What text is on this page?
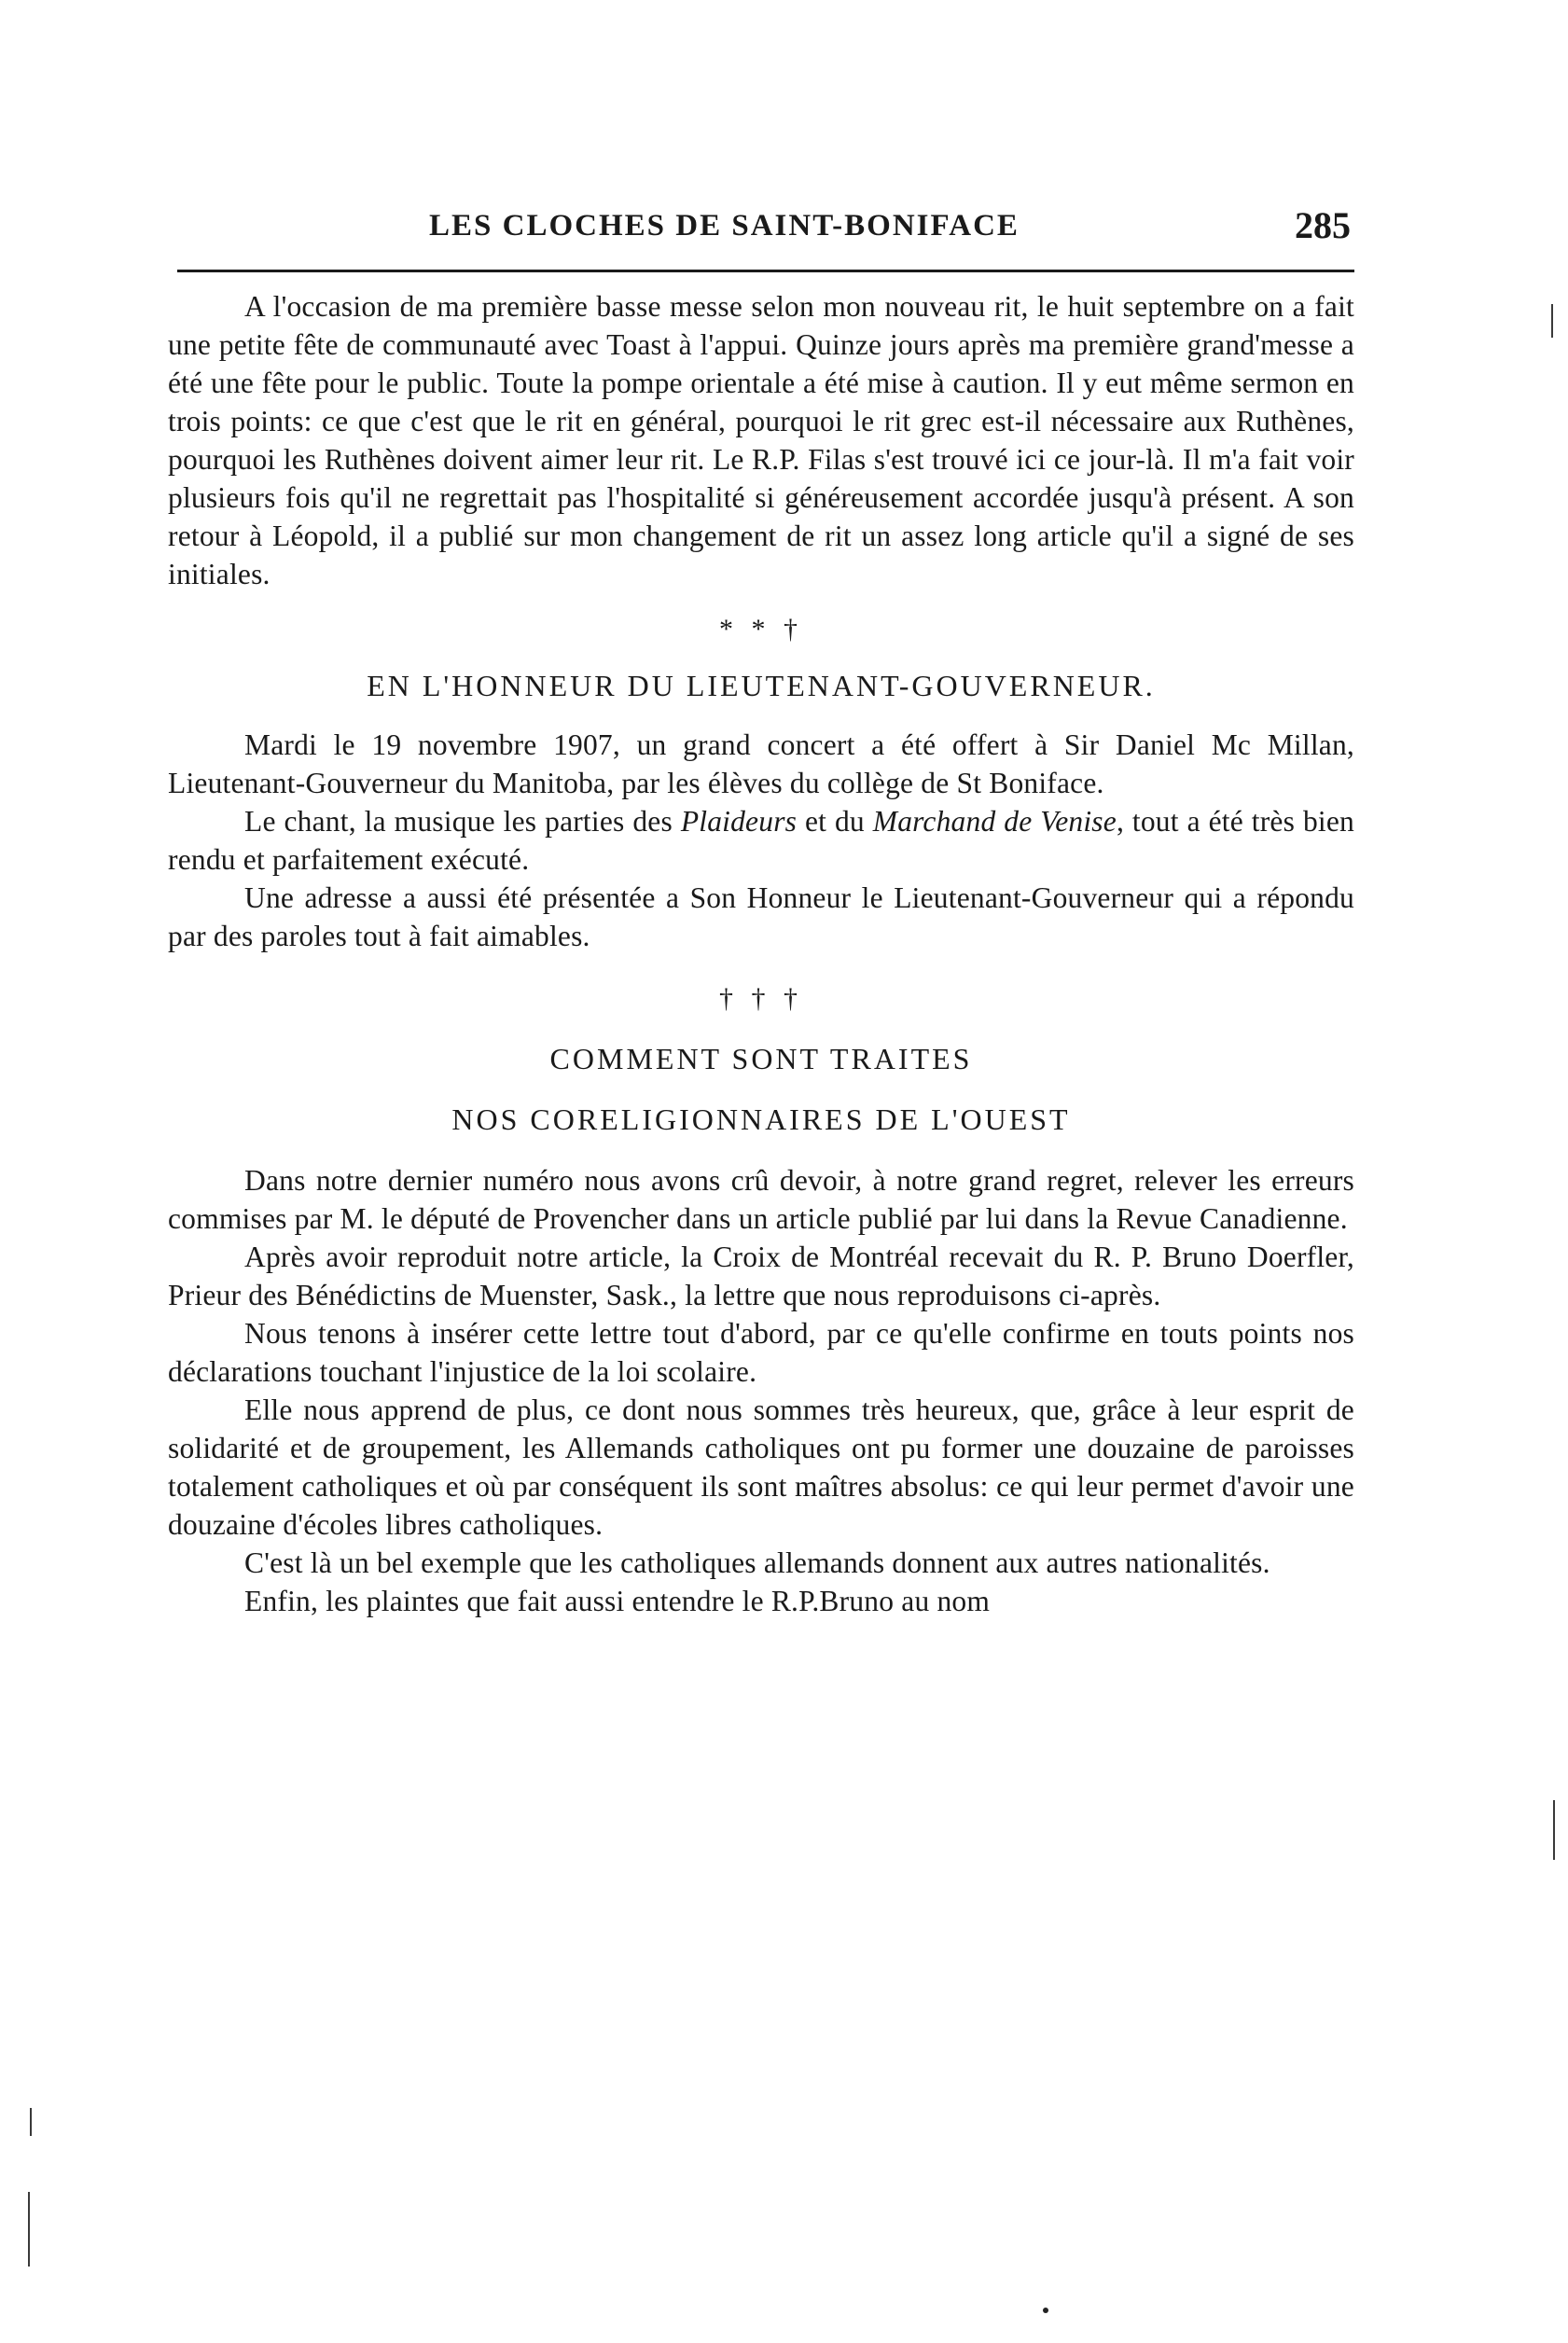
LES CLOCHES DE SAINT-BONIFACE	285

A l'occasion de ma première basse messe selon mon nouveau rit, le huit septembre on a fait une petite fête de communauté avec Toast à l'appui. Quinze jours après ma première grand'messe a été une fête pour le public. Toute la pompe orientale a été mise à caution. Il y eut même sermon en trois points: ce que c'est que le rit en général, pourquoi le rit grec est-il nécessaire aux Ruthènes, pourquoi les Ruthènes doivent aimer leur rit. Le R.P. Filas s'est trouvé ici ce jour-là. Il m'a fait voir plusieurs fois qu'il ne regrettait pas l'hospitalité si généreusement accordée jusqu'à présent. A son retour à Léopold, il a publié sur mon changement de rit un assez long article qu'il a signé de ses initiales.

* * †

EN L'HONNEUR DU LIEUTENANT-GOUVERNEUR.

Mardi le 19 novembre 1907, un grand concert a été offert à Sir Daniel Mc Millan, Lieutenant-Gouverneur du Manitoba, par les élèves du collège de St Boniface.

Le chant, la musique les parties des Plaideurs et du Marchand de Venise, tout a été très bien rendu et parfaitement exécuté.

Une adresse a aussi été présentée a Son Honneur le Lieutenant-Gouverneur qui a répondu par des paroles tout à fait aimables.

† † †

COMMENT SONT TRAITES

NOS CORELIGIONNAIRES DE L'OUEST

Dans notre dernier numéro nous avons crû devoir, à notre grand regret, relever les erreurs commises par M. le député de Provencher dans un article publié par lui dans la Revue Canadienne.

Après avoir reproduit notre article, la Croix de Montréal recevait du R. P. Bruno Doerfler, Prieur des Bénédictins de Muenster, Sask., la lettre que nous reproduisons ci-après.

Nous tenons à insérer cette lettre tout d'abord, par ce qu'elle confirme en touts points nos déclarations touchant l'injustice de la loi scolaire.

Elle nous apprend de plus, ce dont nous sommes très heureux, que, grâce à leur esprit de solidarité et de groupement, les Allemands catholiques ont pu former une douzaine de paroisses totalement catholiques et où par conséquent ils sont maîtres absolus: ce qui leur permet d'avoir une douzaine d'écoles libres catholiques.

C'est là un bel exemple que les catholiques allemands donnent aux autres nationalités.

Enfin, les plaintes que fait aussi entendre le R.P.Bruno au nom
